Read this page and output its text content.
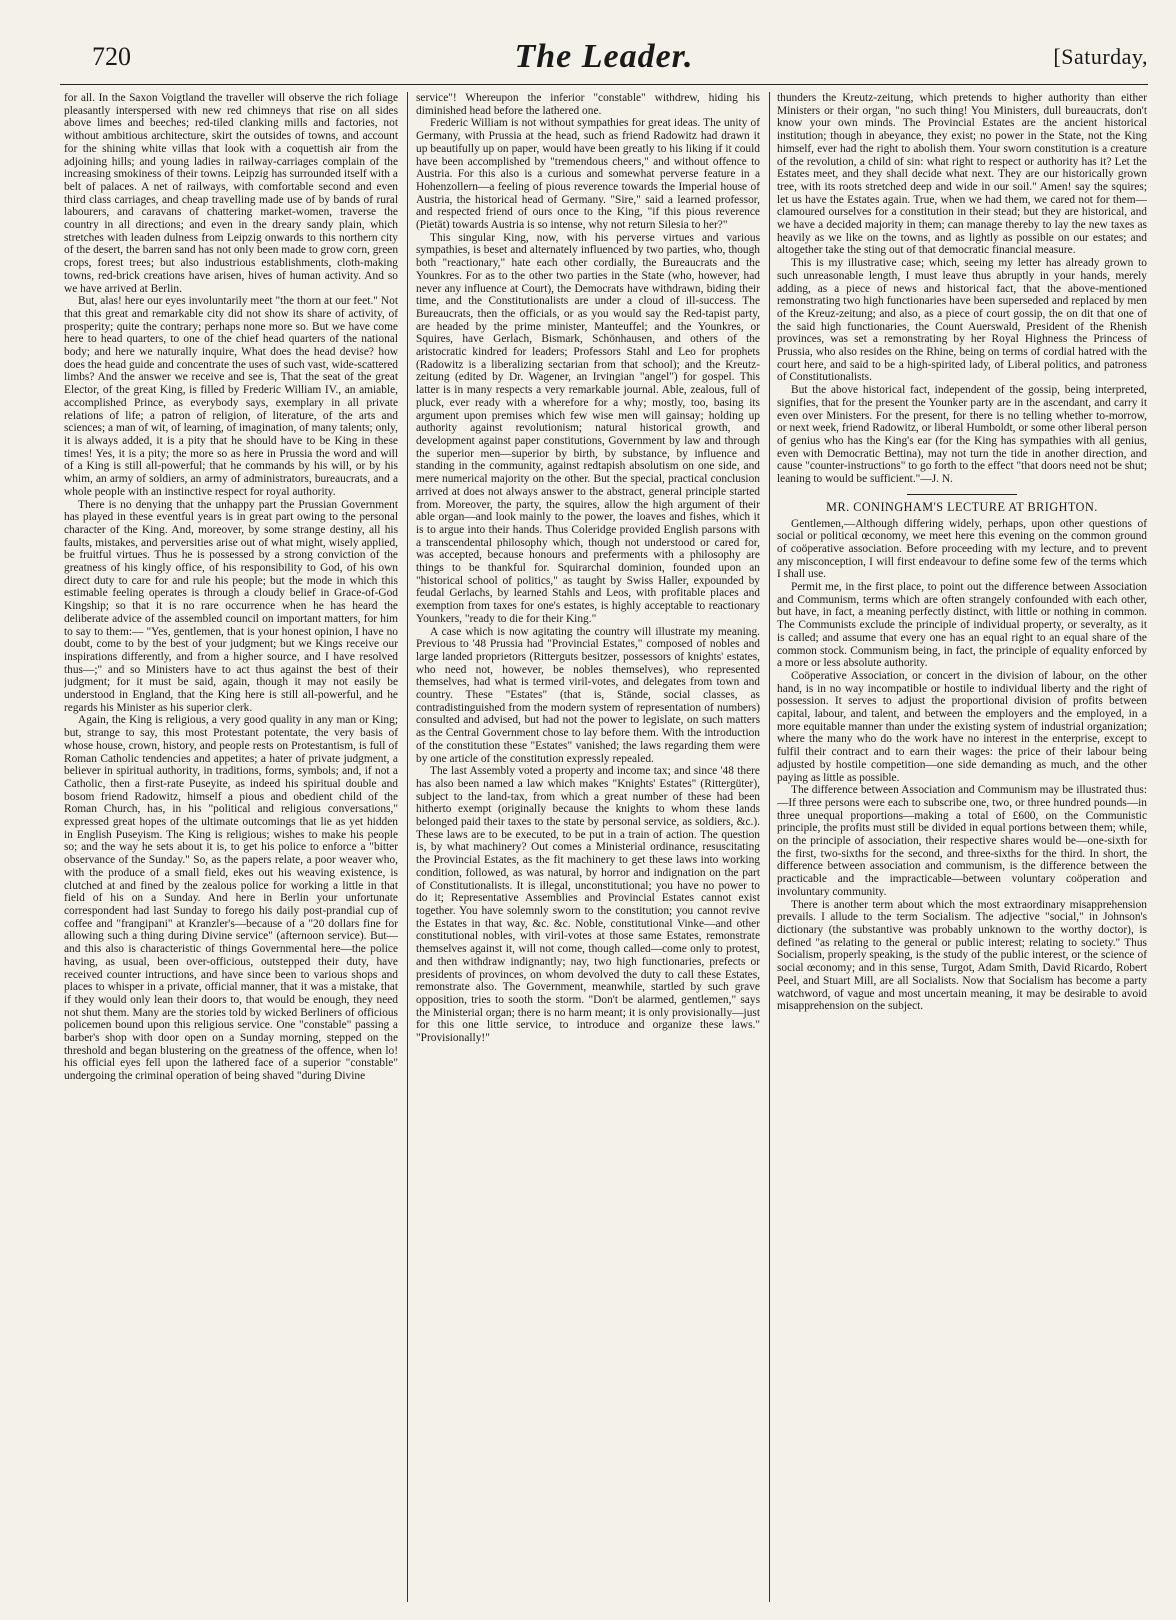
720	The Leader.	[Saturday,

for all. In the Saxon Voigtland the traveller will observe the rich foliage pleasantly interspersed with new red chimneys that rise on all sides above limes and beeches; red-tiled clanking mills and factories, not without ambitious architecture, skirt the outsides of towns, and account for the shining white villas that look with a coquettish air from the adjoining hills; and young ladies in railway-carriages complain of the increasing smokiness of their towns. Leipzig has surrounded itself with a belt of palaces. A net of railways, with comfortable second and even third class carriages, and cheap travelling made use of by bands of rural labourers, and caravans of chattering market-women, traverse the country in all directions; and even in the dreary sandy plain, which stretches with leaden dulness from Leipzig onwards to this northern city of the desert, the barren sand has not only been made to grow corn, green crops, forest trees; but also industrious establishments, cloth-making towns, red-brick creations have arisen, hives of human activity. And so we have arrived at Berlin.

But, alas! here our eyes involuntarily meet "the thorn at our feet." Not that this great and remarkable city did not show its share of activity, of prosperity; quite the contrary; perhaps none more so. But we have come here to head quarters, to one of the chief head quarters of the national body; and here we naturally inquire, What does the head devise? how does the head guide and concentrate the uses of such vast, wide-scattered limbs? And the answer we receive and see is, That the seat of the great Elector, of the great King, is filled by Frederic William IV., an amiable, accomplished Prince, as everybody says, exemplary in all private relations of life; a patron of religion, of literature, of the arts and sciences; a man of wit, of learning, of imagination, of many talents; only, it is always added, it is a pity that he should have to be King in these times! Yes, it is a pity; the more so as here in Prussia the word and will of a King is still all-powerful; that he commands by his will, or by his whim, an army of soldiers, an army of administrators, bureaucrats, and a whole people with an instinctive respect for royal authority.

There is no denying that the unhappy part the Prussian Government has played in these eventful years is in great part owing to the personal character of the King. And, moreover, by some strange destiny, all his faults, mistakes, and perversities arise out of what might, wisely applied, be fruitful virtues. Thus he is possessed by a strong conviction of the greatness of his kingly office, of his responsibility to God, of his own direct duty to care for and rule his people; but the mode in which this estimable feeling operates is through a cloudy belief in Grace-of-God Kingship; so that it is no rare occurrence when he has heard the deliberate advice of the assembled council on important matters, for him to say to them:— "Yes, gentlemen, that is your honest opinion, I have no doubt, come to by the best of your judgment; but we Kings receive our inspirations differently, and from a higher source, and I have resolved thus—;" and so Ministers have to act thus against the best of their judgment; for it must be said, again, though it may not easily be understood in England, that the King here is still all-powerful, and he regards his Minister as his superior clerk.

Again, the King is religious, a very good quality in any man or King; but, strange to say, this most Protestant potentate, the very basis of whose house, crown, history, and people rests on Protestantism, is full of Roman Catholic tendencies and appetites; a hater of private judgment, a believer in spiritual authority, in traditions, forms, symbols; and, if not a Catholic, then a first-rate Puseyite, as indeed his spiritual double and bosom friend Radowitz, himself a pious and obedient child of the Roman Church, has, in his "political and religious conversations," expressed great hopes of the ultimate outcomings that lie as yet hidden in English Puseyism. The King is religious; wishes to make his people so; and the way he sets about it is, to get his police to enforce a "bitter observance of the Sunday." So, as the papers relate, a poor weaver who, with the produce of a small field, ekes out his weaving existence, is clutched at and fined by the zealous police for working a little in that field of his on a Sunday. And here in Berlin your unfortunate correspondent had last Sunday to forego his daily post-prandial cup of coffee and "frangipani" at Kranzler's—because of a "20 dollars fine for allowing such a thing during Divine service" (afternoon service). But—and this also is characteristic of things Governmental here—the police having, as usual, been over-officious, outstepped their duty, have received counter intructions, and have since been to various shops and places to whisper in a private, official manner, that it was a mistake, that if they would only lean their doors to, that would be enough, they need not shut them. Many are the stories told by wicked Berliners of officious policemen bound upon this religious service. One "constable" passing a barber's shop with door open on a Sunday morning, stepped on the threshold and began blustering on the greatness of the offence, when lo! his official eyes fell upon the lathered face of a superior "constable" undergoing the criminal operation of being shaved "during Divine

service"! Whereupon the inferior "constable" withdrew, hiding his diminished head before the lathered one.

Frederic William is not without sympathies for great ideas. The unity of Germany, with Prussia at the head, such as friend Radowitz had drawn it up beautifully up on paper, would have been greatly to his liking if it could have been accomplished by "tremendous cheers," and without offence to Austria. For this also is a curious and somewhat perverse feature in a Hohenzollern—a feeling of pious reverence towards the Imperial house of Austria, the historical head of Germany. "Sire," said a learned professor, and respected friend of ours once to the King, "if this pious reverence (Pietät) towards Austria is so intense, why not return Silesia to her?"

This singular King, now, with his perverse virtues and various sympathies, is beset and alternately influenced by two parties, who, though both "reactionary," hate each other cordially, the Bureaucrats and the Younkres. For as to the other two parties in the State (who, however, had never any influence at Court), the Democrats have withdrawn, biding their time, and the Constitutionalists are under a cloud of ill-success. The Bureaucrats, then the officials, or as you would say the Red-tapist party, are headed by the prime minister, Manteuffel; and the Younkres, or Squires, have Gerlach, Bismark, Schönhausen, and others of the aristocratic kindred for leaders; Professors Stahl and Leo for prophets (Radowitz is a liberalizing sectarian from that school); and the Kreutz-zeitung (edited by Dr. Wagener, an Irvingian "angel") for gospel. This latter is in many respects a very remarkable journal. Able, zealous, full of pluck, ever ready with a wherefore for a why; mostly, too, basing its argument upon premises which few wise men will gainsay; holding up authority against revolutionism; natural historical growth, and development against paper constitutions, Government by law and through the superior men—superior by birth, by substance, by influence and standing in the community, against redtapish absolutism on one side, and mere numerical majority on the other. But the special, practical conclusion arrived at does not always answer to the abstract, general principle started from. Moreover, the party, the squires, allow the high argument of their able organ—and look mainly to the power, the loaves and fishes, which it is to argue into their hands. Thus Coleridge provided English parsons with a transcendental philosophy which, though not understood or cared for, was accepted, because honours and preferments with a philosophy are things to be thankful for. Squirarchal dominion, founded upon an "historical school of politics," as taught by Swiss Haller, expounded by feudal Gerlachs, by learned Stahls and Leos, with profitable places and exemption from taxes for one's estates, is highly acceptable to reactionary Younkers, "ready to die for their King."

A case which is now agitating the country will illustrate my meaning. Previous to '48 Prussia had "Provincial Estates," composed of nobles and large landed proprietors (Ritterguts besitzer, possessors of knights' estates, who need not, however, be nobles themselves), who represented themselves, had what is termed viril-votes, and delegates from town and country. These "Estates" (that is, Stände, social classes, as contradistinguished from the modern system of representation of numbers) consulted and advised, but had not the power to legislate, on such matters as the Central Government chose to lay before them. With the introduction of the constitution these "Estates" vanished; the laws regarding them were by one article of the constitution expressly repealed.

The last Assembly voted a property and income tax; and since '48 there has also been named a law which makes "Knights' Estates" (Rittergüter), subject to the land-tax, from which a great number of these had been hitherto exempt (originally because the knights to whom these lands belonged paid their taxes to the state by personal service, as soldiers, &c.). These laws are to be executed, to be put in a train of action. The question is, by what machinery? Out comes a Ministerial ordinance, resuscitating the Provincial Estates, as the fit machinery to get these laws into working condition, followed, as was natural, by horror and indignation on the part of Constitutionalists. It is illegal, unconstitutional; you have no power to do it; Representative Assemblies and Provincial Estates cannot exist together. You have solemnly sworn to the constitution; you cannot revive the Estates in that way, &c. &c. Noble, constitutional Vinke—and other constitutional nobles, with viril-votes at those same Estates, remonstrate themselves against it, will not come, though called—come only to protest, and then withdraw indignantly; nay, two high functionaries, prefects or presidents of provinces, on whom devolved the duty to call these Estates, remonstrate also. The Government, meanwhile, startled by such grave opposition, tries to sooth the storm. "Don't be alarmed, gentlemen," says the Ministerial organ; there is no harm meant; it is only provisionally—just for this one little service, to introduce and organize these laws." "Provisionally!"

thunders the Kreutz-zeitung, which pretends to higher authority than either Ministers or their organ, "no such thing! You Ministers, dull bureaucrats, don't know your own minds. The Provincial Estates are the ancient historical institution; though in abeyance, they exist; no power in the State, not the King himself, ever had the right to abolish them. Your sworn constitution is a creature of the revolution, a child of sin: what right to respect or authority has it? Let the Estates meet, and they shall decide what next. They are our historically grown tree, with its roots stretched deep and wide in our soil." Amen! say the squires; let us have the Estates again. True, when we had them, we cared not for them—clamoured ourselves for a constitution in their stead; but they are historical, and we have a decided majority in them; can manage thereby to lay the new taxes as heavily as we like on the towns, and as lightly as possible on our estates; and altogether take the sting out of that democratic financial measure.

This is my illustrative case; which, seeing my letter has already grown to such unreasonable length, I must leave thus abruptly in your hands, merely adding, as a piece of news and historical fact, that the above-mentioned remonstrating two high functionaries have been superseded and replaced by men of the Kreuz-zeitung; and also, as a piece of court gossip, the on dit that one of the said high functionaries, the Count Auerswald, President of the Rhenish provinces, was set a remonstrating by her Royal Highness the Princess of Prussia, who also resides on the Rhine, being on terms of cordial hatred with the court here, and said to be a high-spirited lady, of Liberal politics, and patroness of Constitutionalists.

But the above historical fact, independent of the gossip, being interpreted, signifies, that for the present the Younker party are in the ascendant, and carry it even over Ministers. For the present, for there is no telling whether to-morrow, or next week, friend Radowitz, or liberal Humboldt, or some other liberal person of genius who has the King's ear (for the King has sympathies with all genius, even with Democratic Bettina), may not turn the tide in another direction, and cause "counter-instructions" to go forth to the effect "that doors need not be shut; leaning to would be sufficient."—J. N.

MR. CONINGHAM'S LECTURE AT BRIGHTON.

Gentlemen,—Although differing widely, perhaps, upon other questions of social or political œconomy, we meet here this evening on the common ground of coöperative association. Before proceeding with my lecture, and to prevent any misconception, I will first endeavour to define some few of the terms which I shall use.

Permit me, in the first place, to point out the difference between Association and Communism, terms which are often strangely confounded with each other, but have, in fact, a meaning perfectly distinct, with little or nothing in common. The Communists exclude the principle of individual property, or severalty, as it is called; and assume that every one has an equal right to an equal share of the common stock. Communism being, in fact, the principle of equality enforced by a more or less absolute authority.

Coöperative Association, or concert in the division of labour, on the other hand, is in no way incompatible or hostile to individual liberty and the right of possession. It serves to adjust the proportional division of profits between capital, labour, and talent, and between the employers and the employed, in a more equitable manner than under the existing system of industrial organization; where the many who do the work have no interest in the enterprise, except to fulfil their contract and to earn their wages: the price of their labour being adjusted by hostile competition—one side demanding as much, and the other paying as little as possible.

The difference between Association and Communism may be illustrated thus:—If three persons were each to subscribe one, two, or three hundred pounds—in three unequal proportions—making a total of £600, on the Communistic principle, the profits must still be divided in equal portions between them; while, on the principle of association, their respective shares would be—one-sixth for the first, two-sixths for the second, and three-sixths for the third. In short, the difference between association and communism, is the difference between the practicable and the impracticable—between voluntary coöperation and involuntary community.

There is another term about which the most extraordinary misapprehension prevails. I allude to the term Socialism. The adjective "social," in Johnson's dictionary (the substantive was probably unknown to the worthy doctor), is defined "as relating to the general or public interest; relating to society." Thus Socialism, properly speaking, is the study of the public interest, or the science of social œconomy; and in this sense, Turgot, Adam Smith, David Ricardo, Robert Peel, and Stuart Mill, are all Socialists. Now that Socialism has become a party watchword, of vague and most uncertain meaning, it may be desirable to avoid misapprehension on the subject.
